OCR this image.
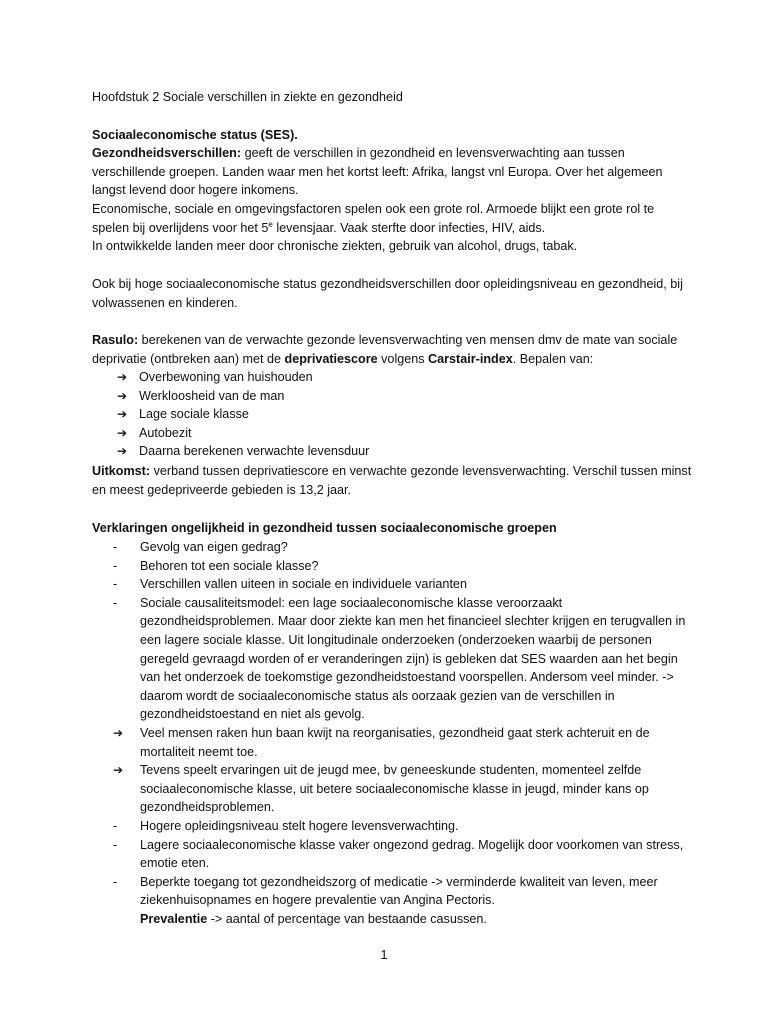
Hoofdstuk 2 Sociale verschillen in ziekte en gezondheid

Sociaaleconomische status (SES).

Gezondheidsverschillen: geeft de verschillen in gezondheid en levensverwachting aan tussen verschillende groepen. Landen waar men het kortst leeft: Afrika, langst vnl Europa. Over het algemeen langst levend door hogere inkomens.

Economische, sociale en omgevingsfactoren spelen ook een grote rol. Armoede blijkt een grote rol te spelen bij overlijdens voor het 5e levensjaar. Vaak sterfte door infecties, HIV, aids.

In ontwikkelde landen meer door chronische ziekten, gebruik van alcohol, drugs, tabak.

Ook bij hoge sociaaleconomische status gezondheidsverschillen door opleidingsniveau en gezondheid, bij volwassenen en kinderen.

Rasulo: berekenen van de verwachte gezonde levensverwachting ven mensen dmv de mate van sociale deprivatie (ontbreken aan) met de deprivatiescore volgens Carstair-index. Bepalen van:

➔ Overbewoning van huishouden
➔ Werkloosheid van de man
➔ Lage sociale klasse
➔ Autobezit
➔ Daarna berekenen verwachte levensduur

Uitkomst: verband tussen deprivatiescore en verwachte gezonde levensverwachting. Verschil tussen minst en meest gedepriveerde gebieden is 13,2 jaar.

Verklaringen ongelijkheid in gezondheid tussen sociaaleconomische groepen

-	Gevolg van eigen gedrag?
-	Behoren tot een sociale klasse?
-	Verschillen vallen uiteen in sociale en individuele varianten
-	Sociale causaliteitsmodel: een lage sociaaleconomische klasse veroorzaakt gezondheidsproblemen. Maar door ziekte kan men het financieel slechter krijgen en terugvallen in een lagere sociale klasse. Uit longitudinale onderzoeken (onderzoeken waarbij de personen geregeld gevraagd worden of er veranderingen zijn) is gebleken dat SES waarden aan het begin van het onderzoek de toekomstige gezondheidstoestand voorspellen. Andersom veel minder. -> daarom wordt de sociaaleconomische status als oorzaak gezien van de verschillen in gezondheidstoestand en niet als gevolg.
➔	Veel mensen raken hun baan kwijt na reorganisaties, gezondheid gaat sterk achteruit en de mortaliteit neemt toe.
➔	Tevens speelt ervaringen uit de jeugd mee, bv geneeskunde studenten, momenteel zelfde sociaaleconomische klasse, uit betere sociaaleconomische klasse in jeugd, minder kans op gezondheidsproblemen.
-	Hogere opleidingsniveau stelt hogere levensverwachting.
-	Lagere sociaaleconomische klasse vaker ongezond gedrag. Mogelijk door voorkomen van stress, emotie eten.
-	Beperkte toegang tot gezondheidszorg of medicatie -> verminderde kwaliteit van leven, meer ziekenhuisopnames en hogere prevalentie van Angina Pectoris.
Prevalentie -> aantal of percentage van bestaande casussen.
1
